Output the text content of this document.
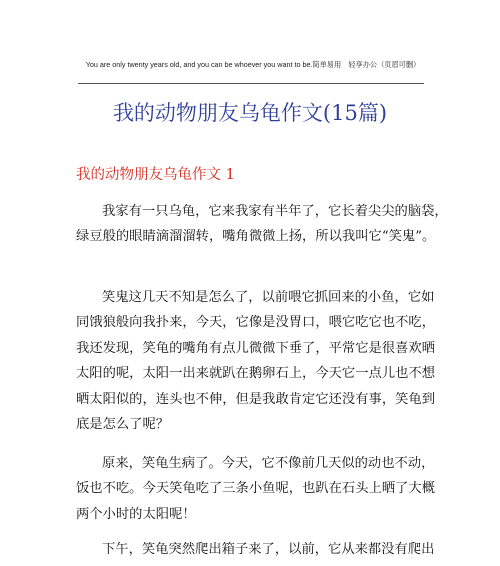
You are only twenty years old, and you can be whoever you want to be.简单易用　轻享办公（页眉可删）
我的动物朋友乌龟作文(15篇)
我的动物朋友乌龟作文 1
我家有一只乌龟，它来我家有半年了，它长着尖尖的脑袋，
绿豆般的眼睛滴溜溜转，嘴角微微上扬，所以我叫它“笑鬼”。
笑鬼这几天不知是怎么了，以前喂它抓回来的小鱼，它如
同饿狼般向我扑来，今天，它像是没胃口，喂它吃它也不吃，
我还发现，笑龟的嘴角有点儿微微下垂了，平常它是很喜欢晒
太阳的呢，太阳一出来就趴在鹅卵石上，今天它一点儿也不想
晒太阳似的，连头也不伸，但是我敢肯定它还没有事，笑龟到
底是怎么了呢？
原来，笑龟生病了。今天，它不像前几天似的动也不动，
饭也不吃。今天笑龟吃了三条小鱼呢，也趴在石头上晒了大概
两个小时的太阳呢！
下午，笑龟突然爬出箱子来了，以前，它从来都没有爬出
